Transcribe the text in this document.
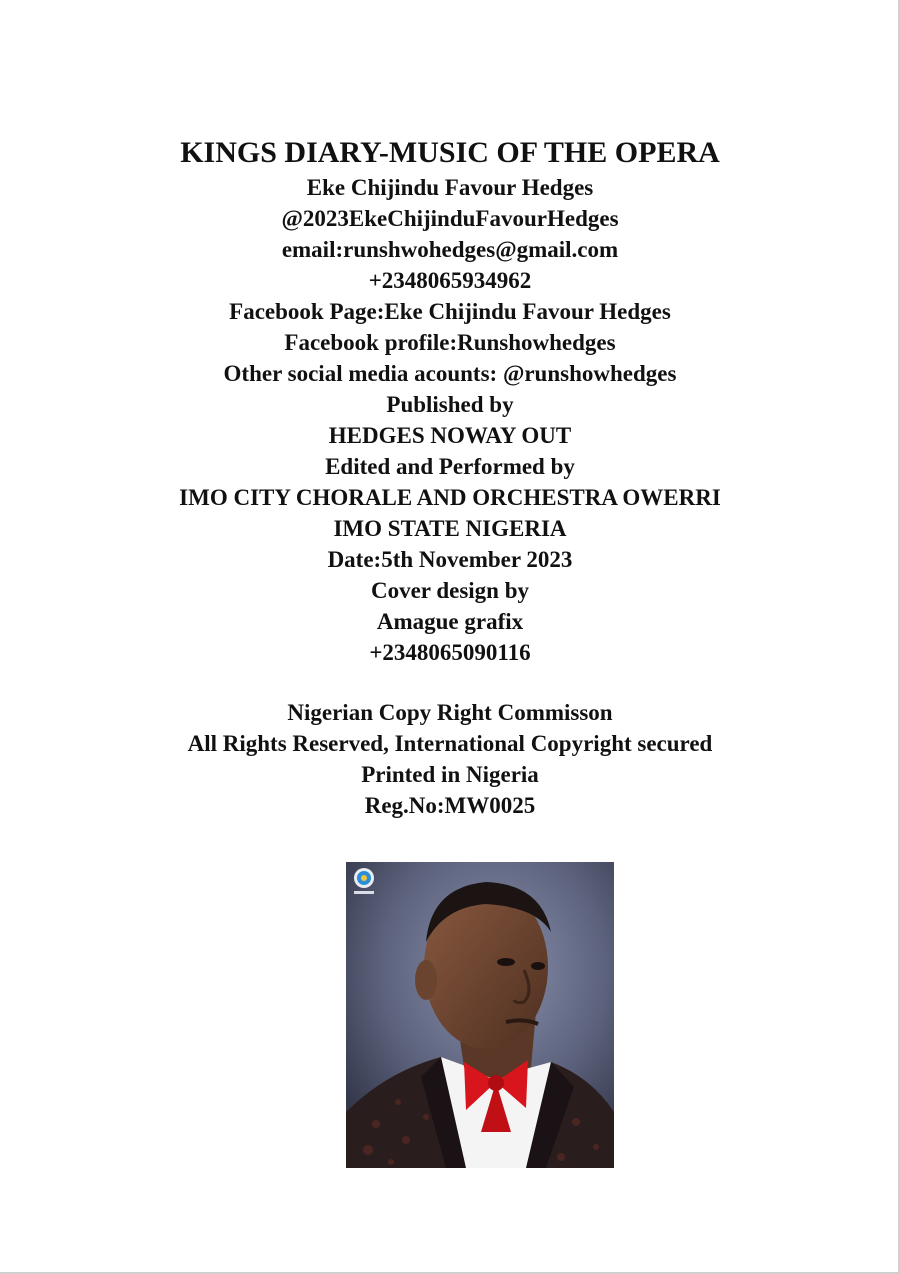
KINGS DIARY-MUSIC OF THE OPERA

Eke Chijindu Favour Hedges

@2023EkeChijinduFavourHedges

email:runshwohedges@gmail.com

+2348065934962

Facebook Page:Eke Chijindu Favour Hedges

Facebook profile:Runshowhedges

Other social media acounts: @runshowhedges

Published by

HEDGES NOWAY OUT

Edited and Performed by

IMO CITY CHORALE AND ORCHESTRA OWERRI

IMO STATE NIGERIA

Date:5th November 2023

Cover design by

Amague grafix

+2348065090116

Nigerian Copy Right Commisson

All Rights Reserved, International Copyright secured

Printed in Nigeria

Reg.No:MW0025
